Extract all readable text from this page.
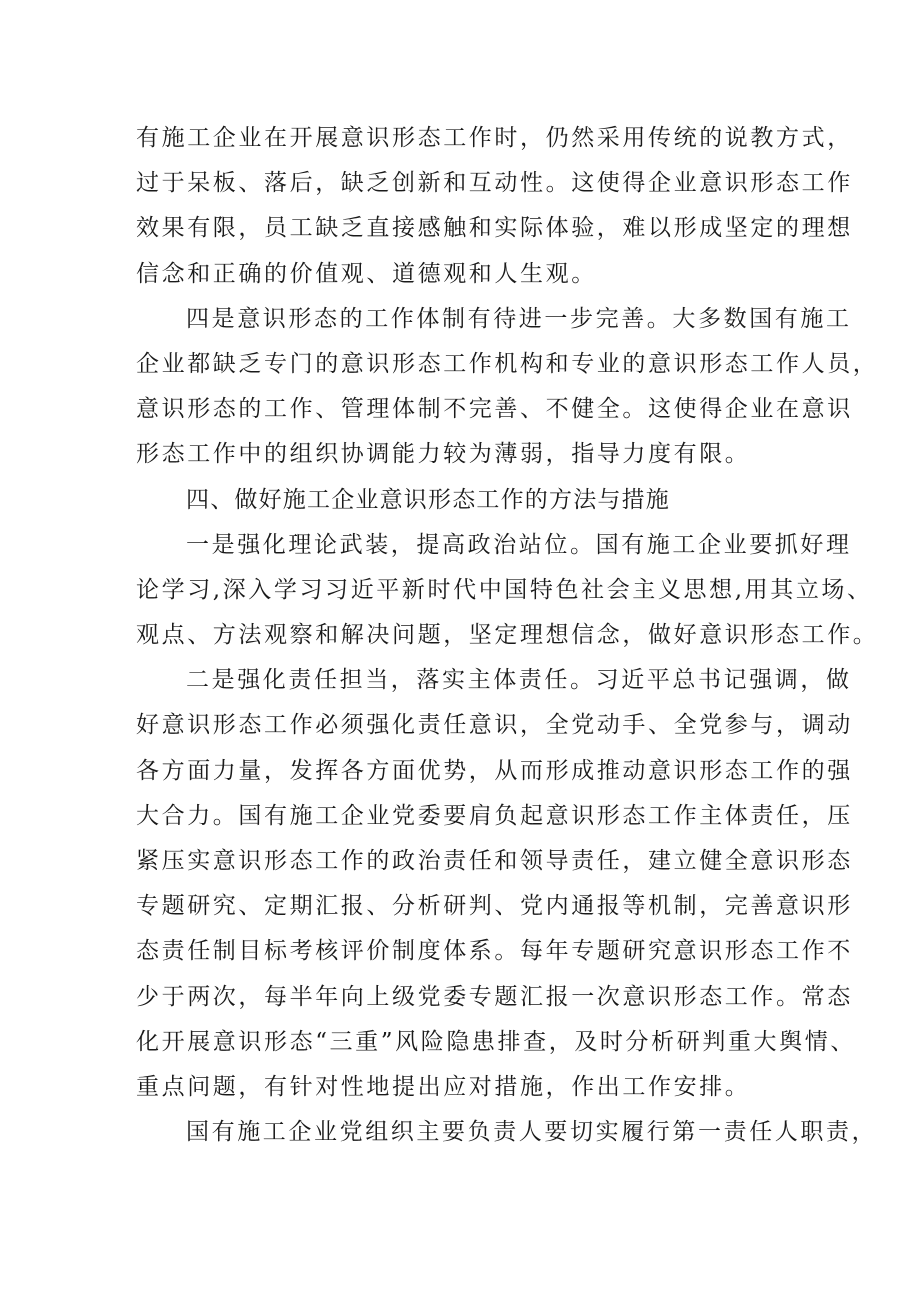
有施工企业在开展意识形态工作时，仍然采用传统的说教方式，
过于呆板、落后，缺乏创新和互动性。这使得企业意识形态工作
效果有限，员工缺乏直接感触和实际体验，难以形成坚定的理想
信念和正确的价值观、道德观和人生观。
四是意识形态的工作体制有待进一步完善。大多数国有施工
企业都缺乏专门的意识形态工作机构和专业的意识形态工作人员，
意识形态的工作、管理体制不完善、不健全。这使得企业在意识
形态工作中的组织协调能力较为薄弱，指导力度有限。
四、做好施工企业意识形态工作的方法与措施
一是强化理论武装，提高政治站位。国有施工企业要抓好理
论学习,深入学习习近平新时代中国特色社会主义思想,用其立场、
观点、方法观察和解决问题，坚定理想信念，做好意识形态工作。
二是强化责任担当，落实主体责任。习近平总书记强调，做
好意识形态工作必须强化责任意识，全党动手、全党参与，调动
各方面力量，发挥各方面优势，从而形成推动意识形态工作的强
大合力。国有施工企业党委要肩负起意识形态工作主体责任，压
紧压实意识形态工作的政治责任和领导责任，建立健全意识形态
专题研究、定期汇报、分析研判、党内通报等机制，完善意识形
态责任制目标考核评价制度体系。每年专题研究意识形态工作不
少于两次，每半年向上级党委专题汇报一次意识形态工作。常态
化开展意识形态“三重”风险隐患排查，及时分析研判重大舆情、
重点问题，有针对性地提出应对措施，作出工作安排。
国有施工企业党组织主要负责人要切实履行第一责任人职责，
